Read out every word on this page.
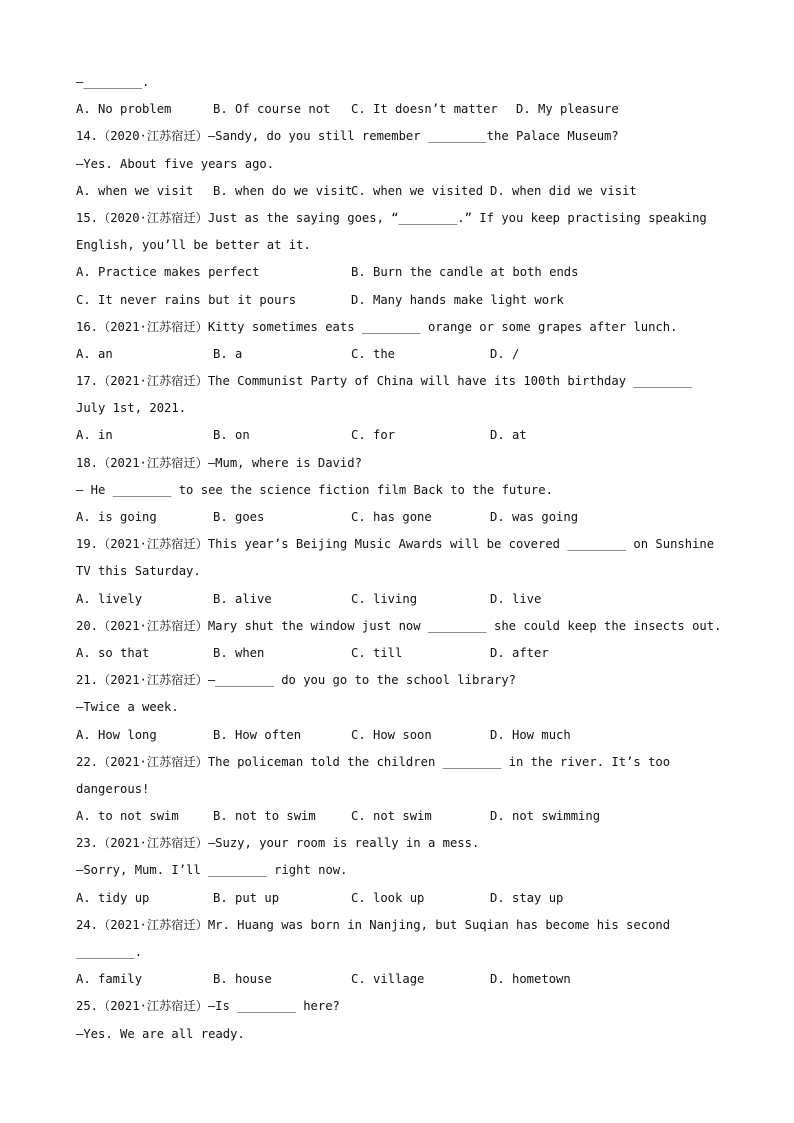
—________.

A. No problem

	B. Of course not

C. It doesn’t matter

D. My pleasure

14.（2020·江苏宿迁）—Sandy, do you still remember ________the Palace Museum?
—Yes. About five years ago.

A. when we visit

B. when do we visit

C. when we visited

D. when did we visit

15.（2020·江苏宿迁）Just as the saying goes, “________.” If you keep practising speaking
English, you’ll be better at it.

A. Practice makes perfect

	B. Burn the candle at both ends

C. It never rains but it pours

	D. Many hands make light work

16.（2021·江苏宿迁）Kitty sometimes eats ________ orange or some grapes after lunch.

A. an

	B. a

	C. the

	D. /

17.（2021·江苏宿迁）The Communist Party of China will have its 100th birthday ________
July 1st, 2021.

A. in

	B. on

	C. for

	D. at

18.（2021·江苏宿迁）—Mum, where is David?
— He ________ to see the science fiction film Back to the future.

A. is going

	B. goes

	C. has gone

	D. was going

19.（2021·江苏宿迁）This year’s Beijing Music Awards will be covered ________ on Sunshine
TV this Saturday.

A. lively

	B. alive

	C. living

	D. live

20.（2021·江苏宿迁）Mary shut the window just now ________ she could keep the insects out.

A. so that

	B. when

	C. till

	D. after

21.（2021·江苏宿迁）—________ do you go to the school library?
—Twice a week.

A. How long

	B. How often

	C. How soon

	D. How much

22.（2021·江苏宿迁）The policeman told the children ________ in the river. It’s too
dangerous!

A. to not swim

	B. not to swim

	C. not swim

	D. not swimming

23.（2021·江苏宿迁）—Suzy, your room is really in a mess.
—Sorry, Mum. I’ll ________ right now.

A. tidy up

	B. put up

	C. look up

	D. stay up

24.（2021·江苏宿迁）Mr. Huang was born in Nanjing, but Suqian has become his second
________.

A. family

	B. house

	C. village

	D. hometown

25.（2021·江苏宿迁）—Is ________ here?
—Yes. We are all ready.
